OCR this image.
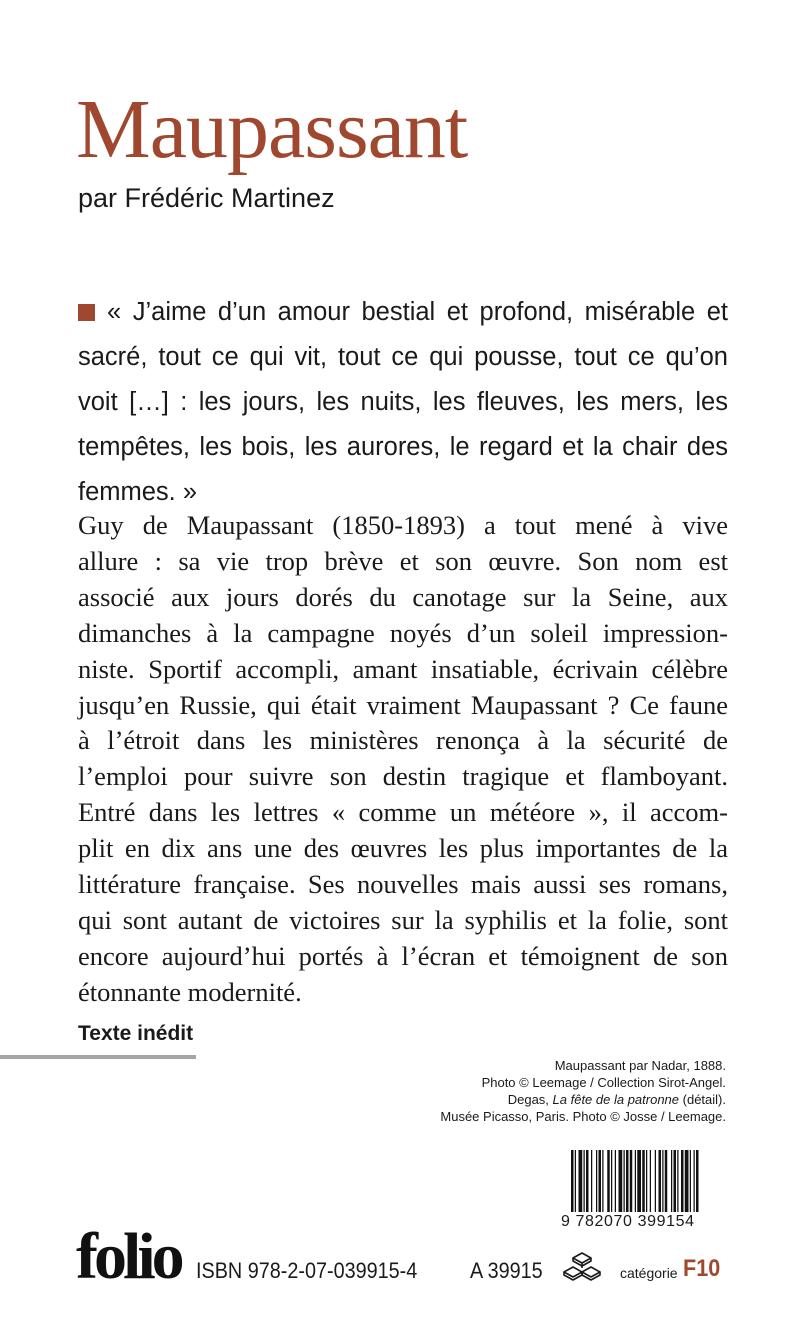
Maupassant
par Frédéric Martinez

« J’aime d’un amour bestial et profond, misérable et sacré, tout ce qui vit, tout ce qui pousse, tout ce qu’on voit […] : les jours, les nuits, les fleuves, les mers, les tempêtes, les bois, les aurores, le regard et la chair des femmes. »

Guy de Maupassant (1850-1893) a tout mené à vive
allure : sa vie trop brève et son œuvre. Son nom est
associé aux jours dorés du canotage sur la Seine, aux
dimanches à la campagne noyés d’un soleil impression-
niste. Sportif accompli, amant insatiable, écrivain célèbre
jusqu’en Russie, qui était vraiment Maupassant ? Ce faune
à l’étroit dans les ministères renonça à la sécurité de
l’emploi pour suivre son destin tragique et flamboyant.
Entré dans les lettres « comme un météore », il accom-
plit en dix ans une des œuvres les plus importantes de la
littérature française. Ses nouvelles mais aussi ses romans,
qui sont autant de victoires sur la syphilis et la folie, sont
encore aujourd’hui portés à l’écran et témoignent de son
étonnante modernité.
Texte inédit
Maupassant par Nadar, 1888.
Photo © Leemage / Collection Sirot-Angel.
Degas, La fête de la patronne (détail).
Musée Picasso, Paris. Photo © Josse / Leemage.
9 782070 399154
folio ISBN 978-2-07-039915-4 A 39915	catégorie F10
